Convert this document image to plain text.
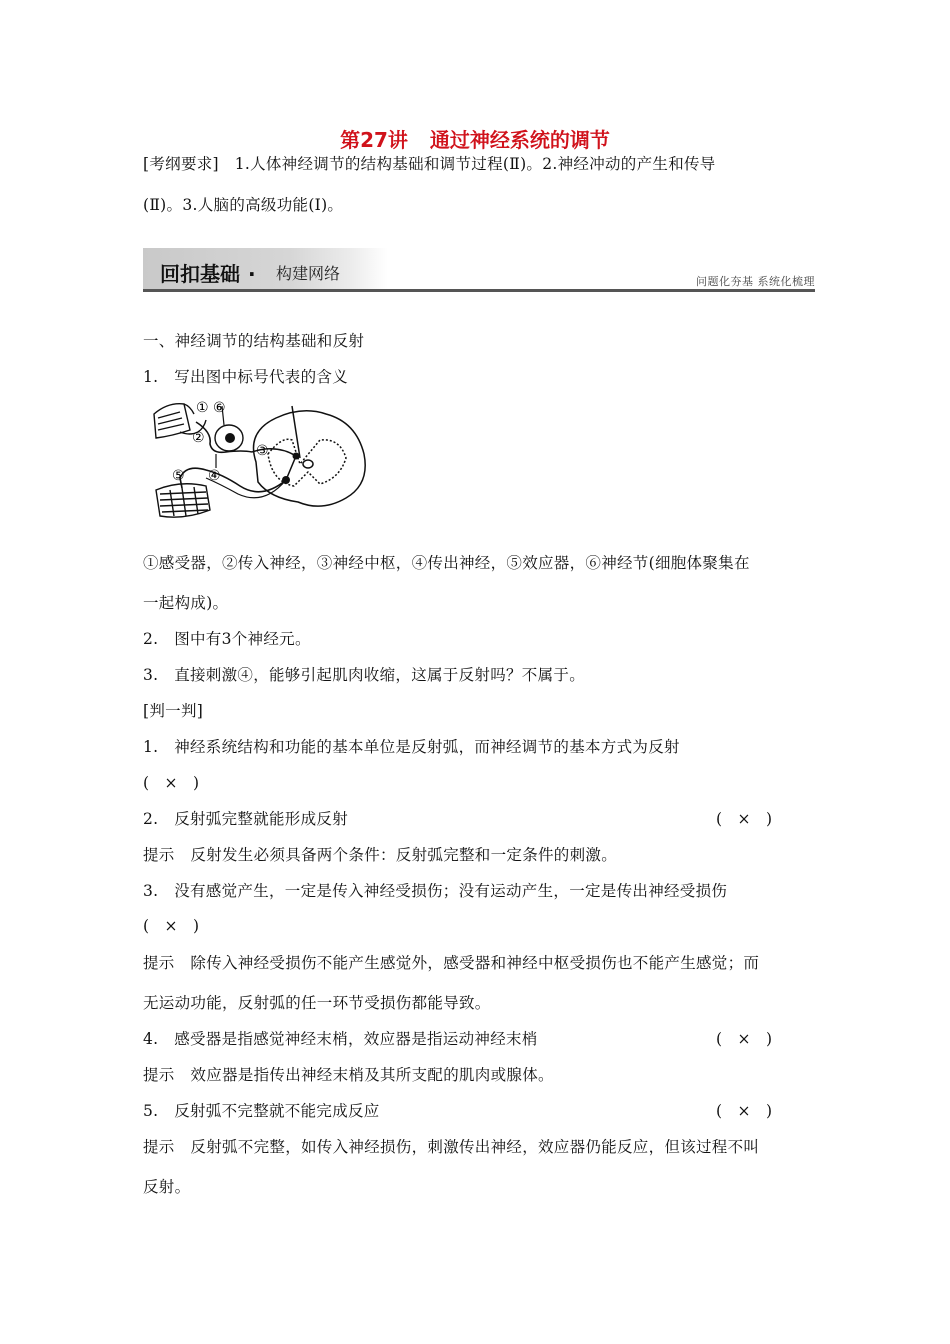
第27讲 通过神经系统的调节
[考纲要求]　1.人体神经调节的结构基础和调节过程(Ⅱ)。2.神经冲动的产生和传导
(Ⅱ)。3.人脑的高级功能(Ⅰ)。
回扣基础 ·	构建网络	问题化夯基 系统化梳理
一、神经调节的结构基础和反射
1.　写出图中标号代表的含义
① ⑥
②
③
⑤ ④
①感受器，②传入神经，③神经中枢，④传出神经，⑤效应器，⑥神经节(细胞体聚集在
一起构成)。
2.　图中有3个神经元。
3.　直接刺激④，能够引起肌肉收缩，这属于反射吗？不属于。
[判一判]
1.　神经系统结构和功能的基本单位是反射弧，而神经调节的基本方式为反射
(　×　)
2.　反射弧完整就能形成反射	(　×　)
提示　反射发生必须具备两个条件：反射弧完整和一定条件的刺激。
3.　没有感觉产生，一定是传入神经受损伤；没有运动产生，一定是传出神经受损伤
(　×　)
提示　除传入神经受损伤不能产生感觉外，感受器和神经中枢受损伤也不能产生感觉；而
无运动功能，反射弧的任一环节受损伤都能导致。
4.　感受器是指感觉神经末梢，效应器是指运动神经末梢	(　×　)
提示　效应器是指传出神经末梢及其所支配的肌肉或腺体。
5.　反射弧不完整就不能完成反应	(　×　)
提示　反射弧不完整，如传入神经损伤，刺激传出神经，效应器仍能反应，但该过程不叫
反射。
